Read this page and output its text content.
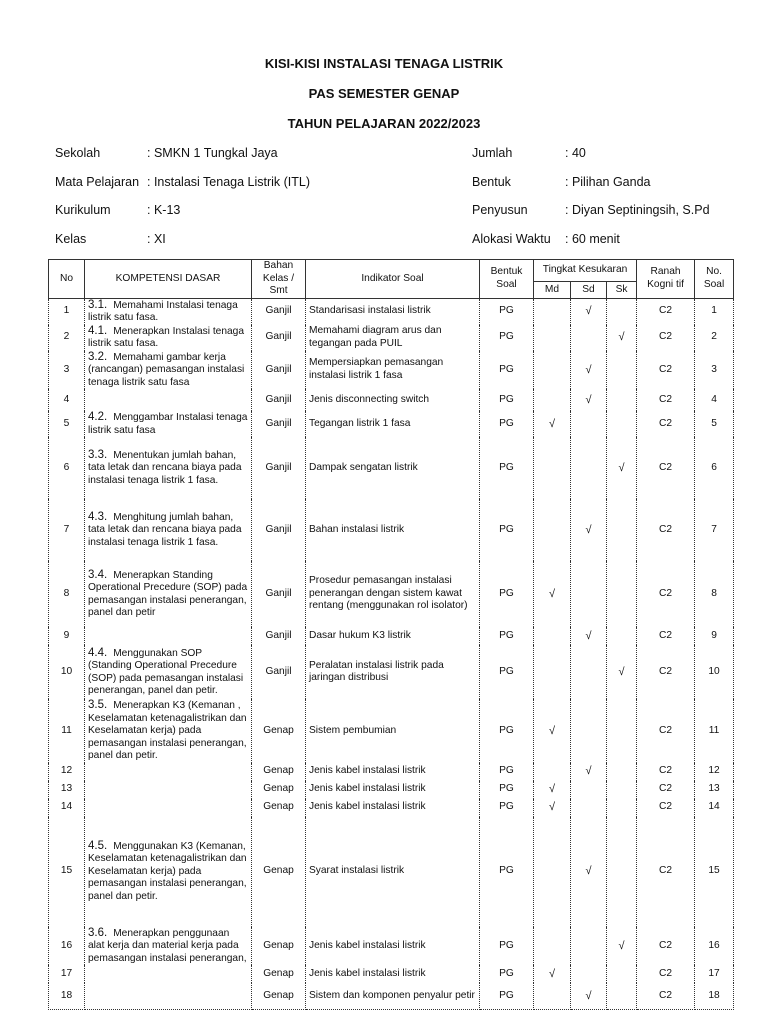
KISI-KISI INSTALASI TENAGA LISTRIK
PAS SEMESTER GENAP
TAHUN PELAJARAN 2022/2023
Sekolah	: SMKN 1 Tungkal Jaya
Mata Pelajaran : Instalasi Tenaga Listrik (ITL)
Kurikulum	: K-13
Kelas	: XI
Jumlah	: 40
Bentuk	: Pilihan Ganda
Penyusun	: Diyan Septiningsih, S.Pd
Alokasi Waktu : 60 menit
No	KOMPETENSI DASAR	Bahan Kelas / Smt	Indikator Soal	Bentuk Soal	Tingkat Kesukaran			Ranah Kogni tif	No. Soal
					Md	Sd	Sk		
1	3.1. Memahami Instalasi tenaga listrik satu fasa.	Ganjil	Standarisasi instalasi listrik	PG		√		C2	1
2	4.1. Menerapkan Instalasi tenaga listrik satu fasa.	Ganjil	Memahami diagram arus dan tegangan pada PUIL	PG			√	C2	2
3	3.2. Memahami gambar kerja (rancangan) pemasangan instalasi tenaga listrik satu fasa	Ganjil	Mempersiapkan pemasangan instalasi listrik 1 fasa	PG		√		C2	3
4		Ganjil	Jenis disconnecting switch	PG		√		C2	4
5	4.2. Menggambar Instalasi tenaga listrik satu fasa	Ganjil	Tegangan listrik 1 fasa	PG	√			C2	5
6	3.3. Menentukan jumlah bahan, tata letak dan rencana biaya pada instalasi tenaga listrik 1 fasa.	Ganjil	Dampak sengatan listrik	PG			√	C2	6
7	4.3. Menghitung jumlah bahan, tata letak dan rencana biaya pada instalasi tenaga listrik 1 fasa.	Ganjil	Bahan instalasi listrik	PG		√		C2	7
8	3.4. Menerapkan Standing Operational Precedure (SOP) pada pemasangan instalasi penerangan, panel dan petir	Ganjil	Prosedur pemasangan instalasi penerangan dengan sistem kawat rentang (menggunakan rol isolator)	PG	√			C2	8
9		Ganjil	Dasar hukum K3 listrik	PG		√		C2	9
10	4.4. Menggunakan SOP (Standing Operational Precedure (SOP) pada pemasangan instalasi penerangan, panel dan petir.	Ganjil	Peralatan instalasi listrik pada jaringan distribusi	PG			√	C2	10
11	3.5. Menerapkan K3 (Kemanan , Keselamatan ketenagalistrikan dan Keselamatan kerja) pada pemasangan instalasi penerangan, panel dan petir.	Genap	Sistem pembumian	PG	√			C2	11
12		Genap	Jenis kabel instalasi listrik	PG		√		C2	12
13		Genap	Jenis kabel instalasi listrik	PG	√			C2	13
14		Genap	Jenis kabel instalasi listrik	PG	√			C2	14
15	4.5. Menggunakan K3 (Kemanan, Keselamatan ketenagalistrikan dan Keselamatan kerja) pada pemasangan instalasi penerangan, panel dan petir.	Genap	Syarat instalasi listrik	PG		√		C2	15
16	3.6. Menerapkan penggunaan alat kerja dan material kerja pada pemasangan instalasi penerangan,	Genap	Jenis kabel instalasi listrik	PG			√	C2	16
17		Genap	Jenis kabel instalasi listrik	PG	√			C2	17
18		Genap	Sistem dan komponen penyalur petir	PG		√		C2	18
